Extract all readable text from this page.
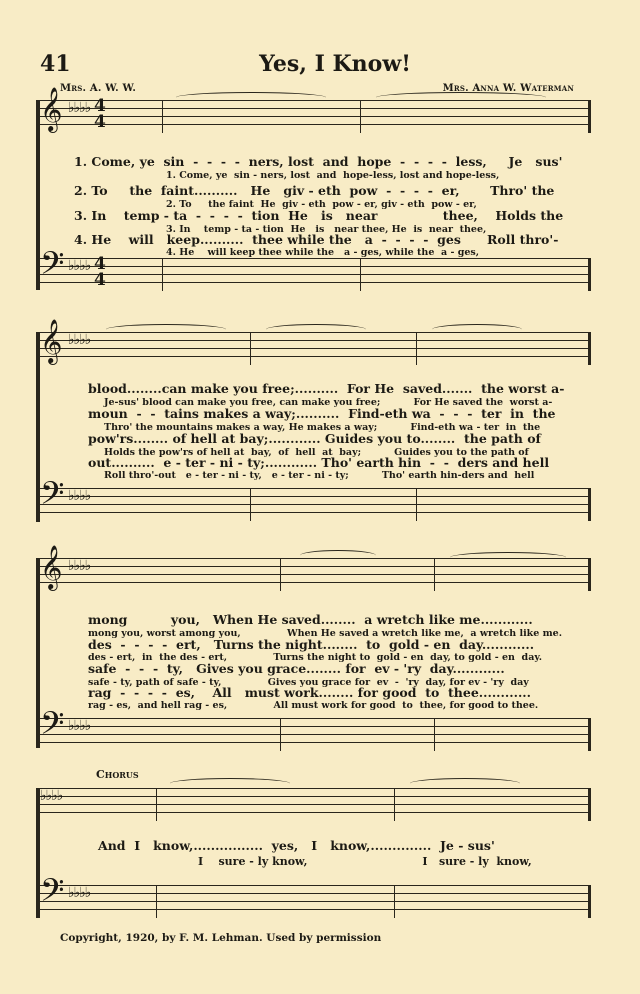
41	Yes, I Know!
Mrs. A. W. W.	Mrs. Anna W. Waterman
𝄞 ♭♭♭♭ 4
4
𝄢 ♭♭♭♭ 4
4
1. Come, ye  sin  -  -  -  -  ners, lost  and  hope  -  -  -  -  less,     Je   sus'
1. Come, ye  sin - ners, lost  and  hope-less, lost and hope-less,
2. To     the  faint..........   He   giv - eth  pow  -  -  -  -  er,       Thro' the
2. To     the faint  He  giv - eth  pow - er, giv - eth  pow - er,
3. In    temp - ta  -  -  -  -  tion  He   is   near               thee,    Holds the
3. In    temp - ta - tion  He   is   near thee, He  is  near  thee,
4. He    will   keep..........  thee while the   a  -  -  -  -  ges      Roll thro'-
4. He    will keep thee while the   a - ges, while the  a - ges,
𝄞 ♭♭♭♭
𝄢 ♭♭♭♭
blood........can make you free;..........  For He  saved.......  the worst a-
Je-sus' blood can make you free, can make you free;          For He saved the  worst a-
moun  -  -  tains makes a way;..........  Find-eth wa  -  -  -  ter  in  the
Thro' the mountains makes a way, He makes a way;          Find-eth wa - ter  in  the
pow'rs........ of hell at bay;............ Guides you to........  the path of
Holds the pow'rs of hell at  bay,  of  hell  at  bay;          Guides you to the path of
out..........  e - ter - ni - ty;............ Tho' earth hin  -  -  ders and hell
Roll thro'-out   e - ter - ni - ty,   e - ter - ni - ty;          Tho' earth hin-ders and  hell
𝄞 ♭♭♭♭
𝄢 ♭♭♭♭
mong          you,   When He saved........  a wretch like me............
mong you, worst among you,              When He saved a wretch like me,  a wretch like me.
des  -  -  -  -  ert,   Turns the night........  to  gold - en  day............
des - ert,  in  the des - ert,              Turns the night to  gold - en  day, to gold - en  day.
safe  -  -  -  ty,   Gives you grace........ for  ev - 'ry  day............
safe - ty, path of safe - ty,              Gives you grace for  ev  -  'ry  day, for ev - 'ry  day
rag  -  -  -  -  es,    All   must work........ for good  to  thee............
rag - es,  and hell rag - es,              All must work for good  to  thee, for good to thee.
Chorus
♭♭♭♭
𝄢 ♭♭♭♭
And  I   know,................  yes,   I   know,..............  Je - sus'
I    sure - ly know,                              I   sure - ly  know,
Copyright, 1920, by F. M. Lehman. Used by permission
